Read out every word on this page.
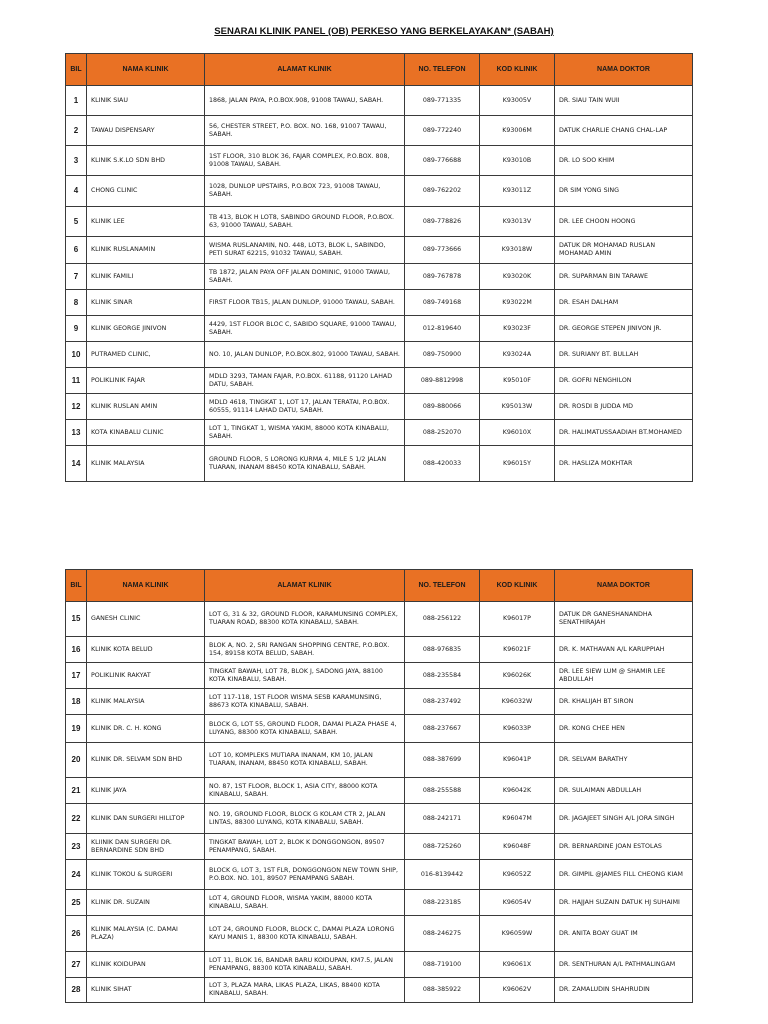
SENARAI KLINIK PANEL (OB) PERKESO YANG BERKELAYAKAN* (SABAH)
BIL	NAMA KLINIK	ALAMAT KLINIK	NO. TELEFON	KOD KLINIK	NAMA DOKTOR
1	KLINIK SIAU	1868, JALAN PAYA, P.O.BOX.908, 91008 TAWAU, SABAH.	089-771335	K93005V	DR. SIAU TAIN WUII
2	TAWAU DISPENSARY	56, CHESTER STREET, P.O. BOX. NO. 168, 91007 TAWAU, SABAH.	089-772240	K93006M	DATUK CHARLIE CHANG CHAL-LAP
3	KLINIK S.K.LO SDN BHD	1ST FLOOR, 310 BLOK 36, FAJAR COMPLEX, P.O.BOX. 808, 91008 TAWAU, SABAH.	089-776688	K93010B	DR. LO SOO KHIM
4	CHONG CLINIC	1028, DUNLOP UPSTAIRS, P.O.BOX 723, 91008 TAWAU, SABAH.	089-762202	K93011Z	DR SIM YONG SING
5	KLINIK LEE	TB 413, BLOK H LOT8, SABINDO GROUND FLOOR, P.O.BOX. 63, 91000 TAWAU, SABAH.	089-778826	K93013V	DR. LEE CHOON HOONG
6	KLINIK RUSLANAMIN	WISMA RUSLANAMIN, NO. 448, LOT3, BLOK L, SABINDO, PETI SURAT 62215, 91032 TAWAU, SABAH.	089-773666	K93018W	DATUK DR MOHAMAD RUSLAN MOHAMAD AMIN
7	KLINIK FAMILI	TB 1872, JALAN PAYA OFF JALAN DOMINIC, 91000 TAWAU, SABAH.	089-767878	K93020K	DR. SUPARMAN BIN TARAWE
8	KLINIK SINAR	FIRST FLOOR TB15, JALAN DUNLOP, 91000 TAWAU, SABAH.	089-749168	K93022M	DR. ESAH DALHAM
9	KLINIK GEORGE JINIVON	4429, 1ST FLOOR BLOC C, SABIDO SQUARE, 91000 TAWAU, SABAH.	012-819640	K93023F	DR. GEORGE STEPEN JINIVON JR.
10	PUTRAMED CLINIC,	NO. 10, JALAN DUNLOP, P.O.BOX.802, 91000 TAWAU, SABAH.	089-750900	K93024A	DR. SURIANY BT. BULLAH
11	POLIKLINIK FAJAR	MDLD 3293, TAMAN FAJAR, P.O.BOX. 61188, 91120 LAHAD DATU, SABAH.	089-8812998	K95010F	DR. GOFRI NENGHILON
12	KLINIK RUSLAN AMIN	MDLD 4618, TINGKAT 1, LOT 17, JALAN TERATAI, P.O.BOX. 60555, 91114 LAHAD DATU, SABAH.	089-880066	K95013W	DR. ROSDI B JUDDA MD
13	KOTA KINABALU CLINIC	LOT 1, TINGKAT 1, WISMA YAKIM, 88000 KOTA KINABALU, SABAH.	088-252070	K96010X	DR. HALIMATUSSAADIAH BT.MOHAMED
14	KLINIK MALAYSIA	GROUND FLOOR, 5 LORONG KURMA 4, MILE 5 1/2 JALAN TUARAN, INANAM 88450 KOTA KINABALU, SABAH.	088-420033	K96015Y	DR. HASLIZA MOKHTAR
BIL	NAMA KLINIK	ALAMAT KLINIK	NO. TELEFON	KOD KLINIK	NAMA DOKTOR
15	GANESH CLINIC	LOT G, 31 & 32, GROUND FLOOR, KARAMUNSING COMPLEX, TUARAN ROAD, 88300 KOTA KINABALU, SABAH.	088-256122	K96017P	DATUK DR GANESHANANDHA SENATHIRAJAH
16	KLINIK KOTA BELUD	BLOK A, NO. 2, SRI RANGAN SHOPPING CENTRE, P.O.BOX. 154, 89158 KOTA BELUD, SABAH.	088-976835	K96021F	DR. K. MATHAVAN A/L KARUPPIAH
17	POLIKLINIK RAKYAT	TINGKAT BAWAH, LOT 78, BLOK J, SADONG JAYA, 88100 KOTA KINABALU, SABAH.	088-235584	K96026K	DR. LEE SIEW LUM @ SHAMIR LEE ABDULLAH
18	KLINIK MALAYSIA	LOT 117-118, 1ST FLOOR WISMA SESB KARAMUNSING, 88673 KOTA KINABALU, SABAH.	088-237492	K96032W	DR. KHALIJAH BT SIRON
19	KLINIK DR. C. H. KONG	BLOCK G, LOT 55, GROUND FLOOR, DAMAI PLAZA PHASE 4, LUYANG, 88300 KOTA KINABALU, SABAH.	088-237667	K96033P	DR. KONG CHEE HEN
20	KLINIK DR. SELVAM SDN BHD	LOT 10, KOMPLEKS MUTIARA INANAM, KM 10, JALAN TUARAN, INANAM, 88450 KOTA KINABALU, SABAH.	088-387699	K96041P	DR. SELVAM BARATHY
21	KLINIK JAYA	NO. 87, 1ST FLOOR, BLOCK 1, ASIA CITY, 88000 KOTA KINABALU, SABAH.	088-255588	K96042K	DR. SULAIMAN ABDULLAH
22	KLINIK DAN SURGERI HILLTOP	NO. 19, GROUND FLOOR, BLOCK G KOLAM CTR 2, JALAN LINTAS, 88300 LUYANG, KOTA KINABALU, SABAH.	088-242171	K96047M	DR. JAGAJEET SINGH A/L JORA SINGH
23	KLIINIK DAN SURGERI DR. BERNARDINE SDN BHD	TINGKAT BAWAH, LOT 2, BLOK K DONGGONGON, 89507 PENAMPANG, SABAH.	088-725260	K96048F	DR. BERNARDINE JOAN ESTOLAS
24	KLINIK TOKOU & SURGERI	BLOCK G, LOT 3, 1ST FLR, DONGGONGON NEW TOWN SHIP, P.O.BOX. NO. 101, 89507 PENAMPANG SABAH.	016-8139442	K96052Z	DR. GIMPIL @JAMES FILL CHEONG KIAM
25	KLINIK DR. SUZAIN	LOT 4, GROUND FLOOR, WISMA YAKIM, 88000 KOTA KINABALU, SABAH.	088-223185	K96054V	DR. HAJJAH SUZAIN DATUK HJ SUHAIMI
26	KLINIK MALAYSIA (C. DAMAI PLAZA)	LOT 24, GROUND FLOOR, BLOCK C, DAMAI PLAZA LORONG KAYU MANIS 1, 88300 KOTA KINABALU, SABAH.	088-246275	K96059W	DR. ANITA BOAY GUAT IM
27	KLINIK KOIDUPAN	LOT 11, BLOK 16, BANDAR BARU KOIDUPAN, KM7.5, JALAN PENAMPANG, 88300 KOTA KINABALU, SABAH.	088-719100	K96061X	DR. SENTHURAN A/L PATHMALINGAM
28	KLINIK SIHAT	LOT 3, PLAZA MARA, LIKAS PLAZA, LIKAS, 88400 KOTA KINABALU, SABAH.	088-385922	K96062V	DR. ZAMALUDIN SHAHRUDIN
